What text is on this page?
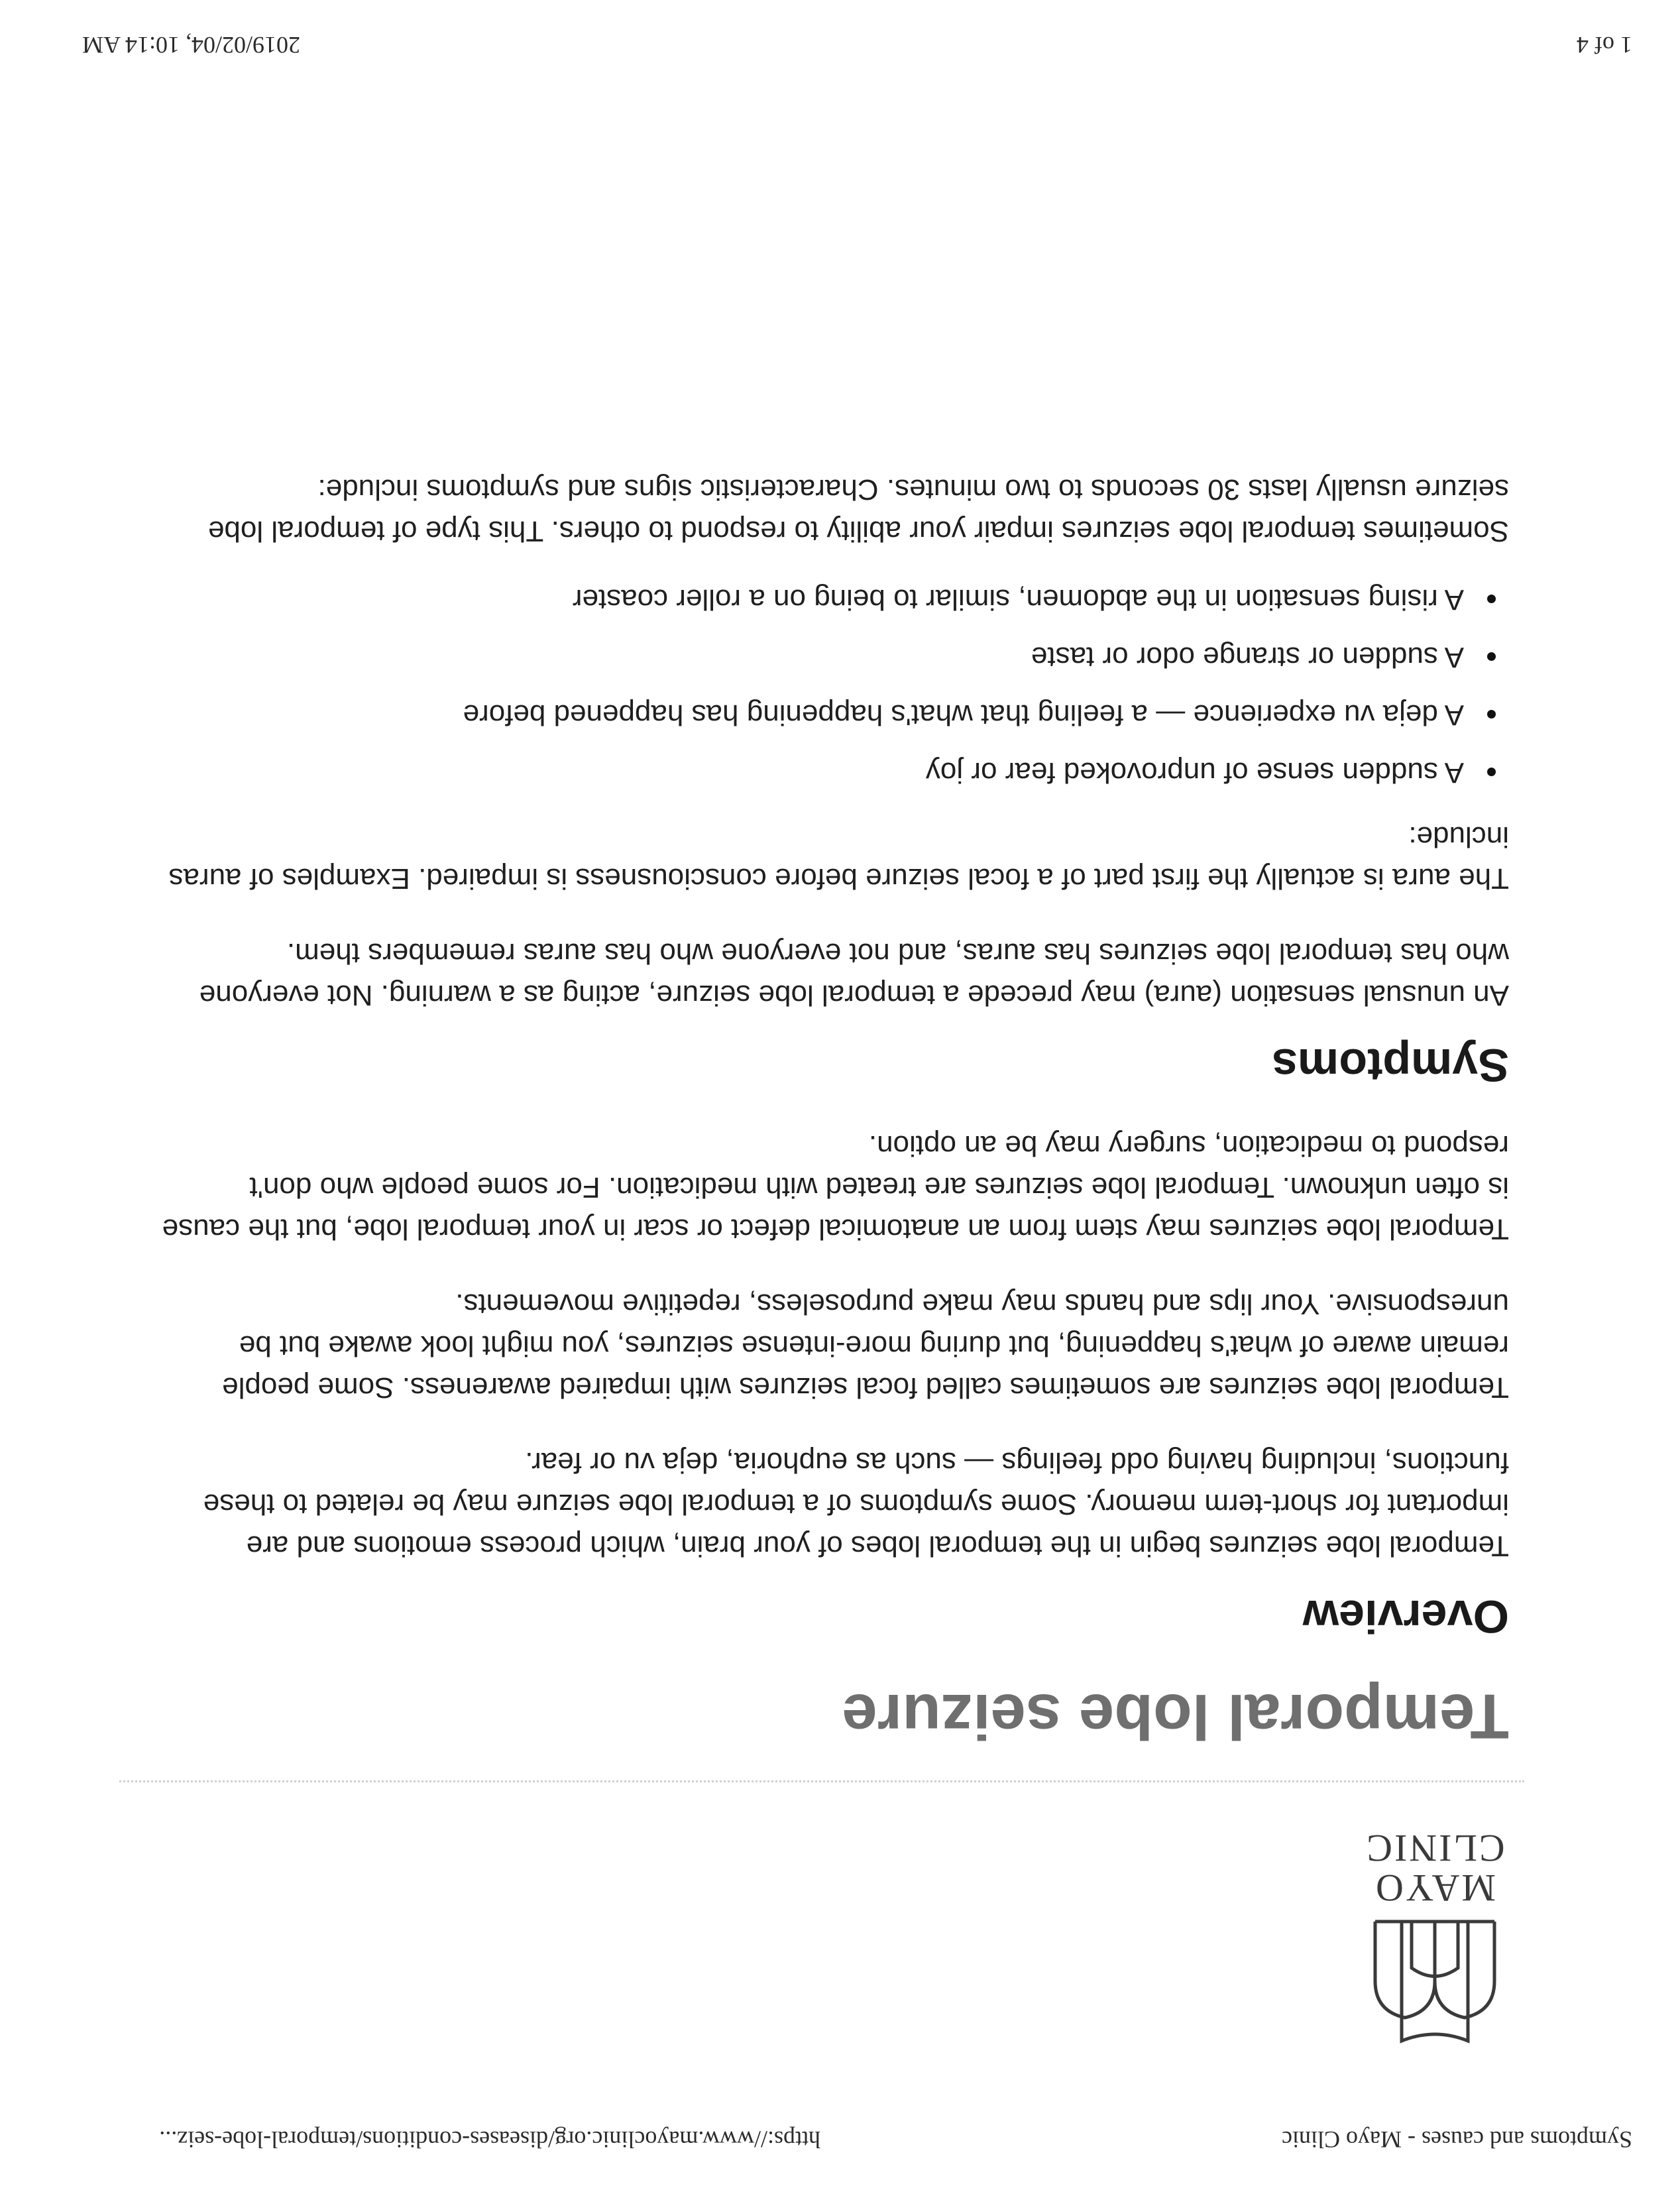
Symptoms and causes - Mayo Clinic
https://www.mayoclinic.org/diseases-conditions/temporal-lobe-seiz...
MAYO
CLINIC
Temporal lobe seizure
Overview

Temporal lobe seizures begin in the temporal lobes of your brain, which process emotions and are important for short-term memory. Some symptoms of a temporal lobe seizure may be related to these functions, including having odd feelings — such as euphoria, deja vu or fear.

Temporal lobe seizures are sometimes called focal seizures with impaired awareness. Some people remain aware of what's happening, but during more-intense seizures, you might look awake but be unresponsive. Your lips and hands may make purposeless, repetitive movements.

Temporal lobe seizures may stem from an anatomical defect or scar in your temporal lobe, but the cause is often unknown. Temporal lobe seizures are treated with medication. For some people who don't respond to medication, surgery may be an option.

Symptoms

An unusual sensation (aura) may precede a temporal lobe seizure, acting as a warning. Not everyone who has temporal lobe seizures has auras, and not everyone who has auras remembers them.

The aura is actually the first part of a focal seizure before consciousness is impaired. Examples of auras include:

A sudden sense of unprovoked fear or joy
A deja vu experience — a feeling that what's happening has happened before
A sudden or strange odor or taste
A rising sensation in the abdomen, similar to being on a roller coaster

Sometimes temporal lobe seizures impair your ability to respond to others. This type of temporal lobe seizure usually lasts 30 seconds to two minutes. Characteristic signs and symptoms include:

1 of 4
2019/02/04, 10:14 AM
